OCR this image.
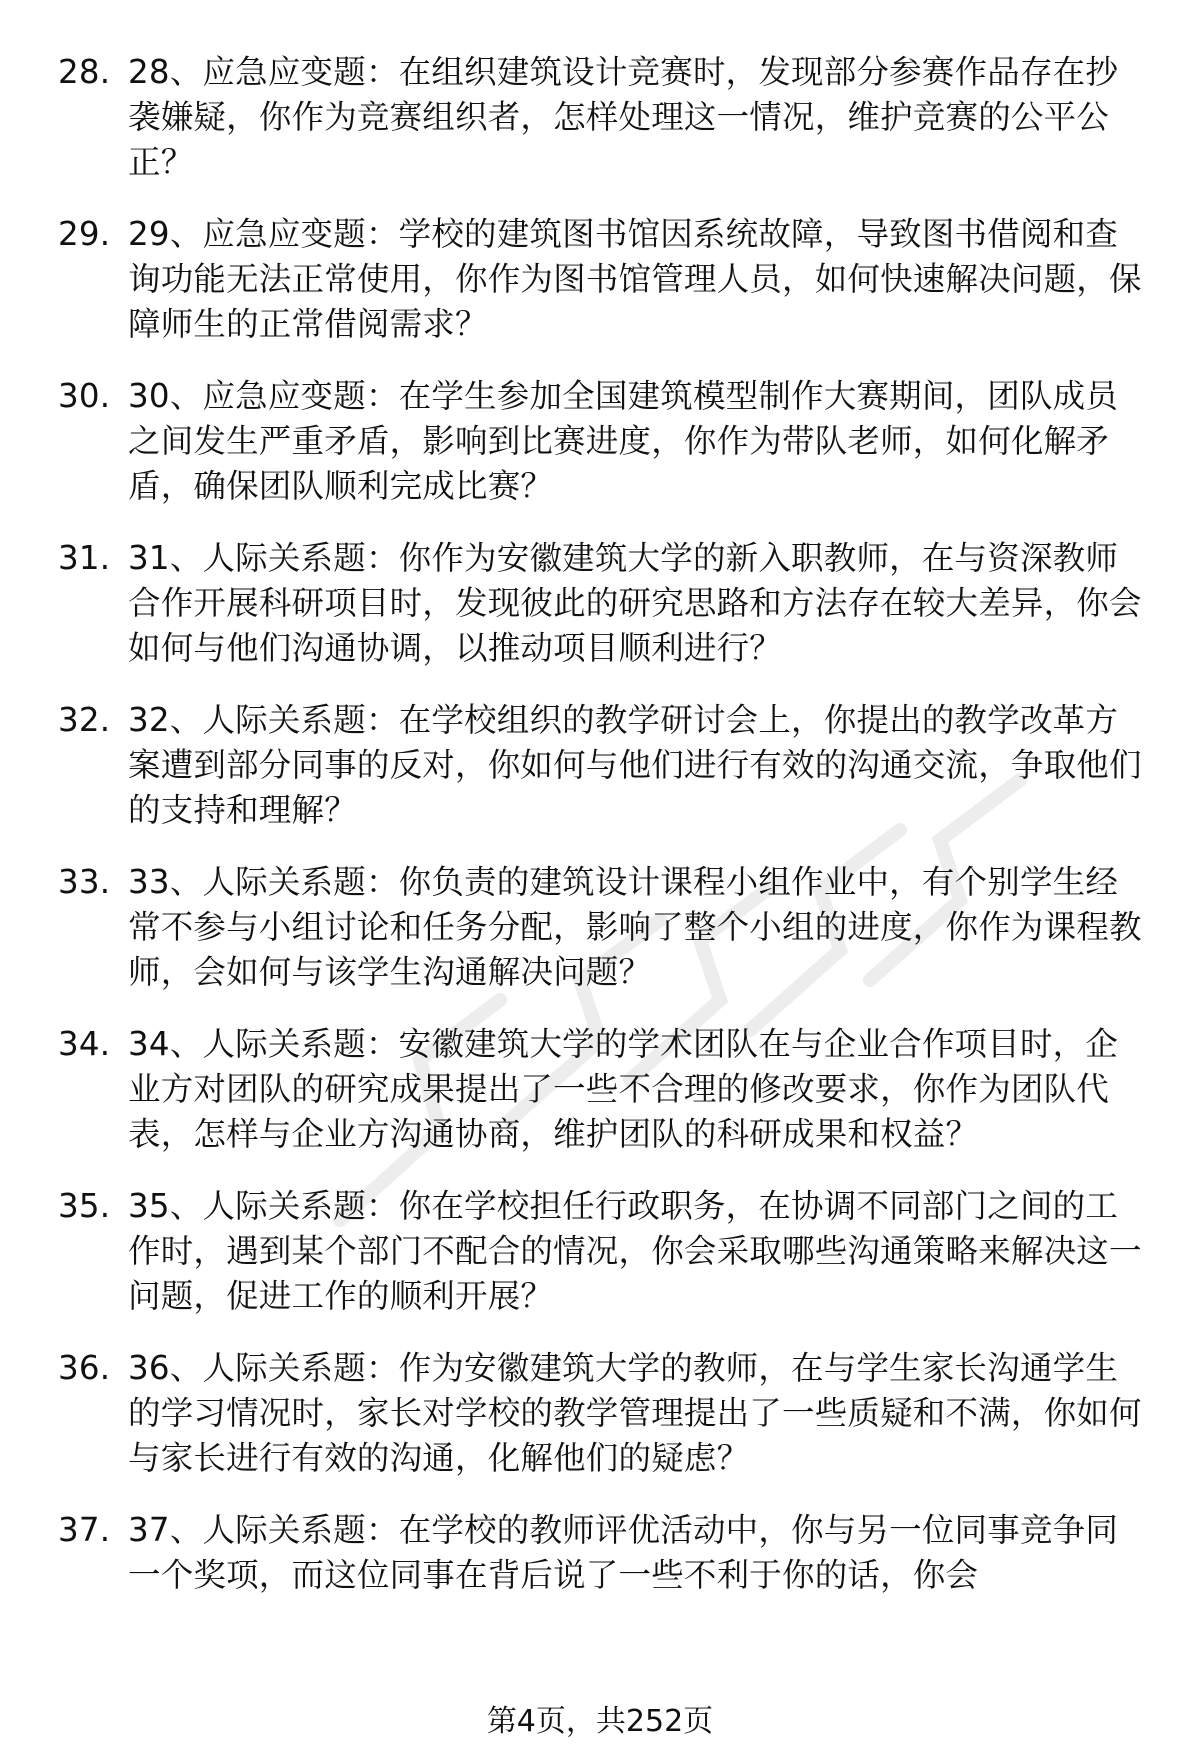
28. 28、应急应变题：在组织建筑设计竞赛时，发现部分参赛作品存在抄袭嫌疑，你作为竞赛组织者，怎样处理这一情况，维护竞赛的公平公正？
29. 29、应急应变题：学校的建筑图书馆因系统故障，导致图书借阅和查询功能无法正常使用，你作为图书馆管理人员，如何快速解决问题，保障师生的正常借阅需求？
30. 30、应急应变题：在学生参加全国建筑模型制作大赛期间，团队成员之间发生严重矛盾，影响到比赛进度，你作为带队老师，如何化解矛盾，确保团队顺利完成比赛？
31. 31、人际关系题：你作为安徽建筑大学的新入职教师，在与资深教师合作开展科研项目时，发现彼此的研究思路和方法存在较大差异，你会如何与他们沟通协调，以推动项目顺利进行？
32. 32、人际关系题：在学校组织的教学研讨会上，你提出的教学改革方案遭到部分同事的反对，你如何与他们进行有效的沟通交流，争取他们的支持和理解？
33. 33、人际关系题：你负责的建筑设计课程小组作业中，有个别学生经常不参与小组讨论和任务分配，影响了整个小组的进度，你作为课程教师，会如何与该学生沟通解决问题？
34. 34、人际关系题：安徽建筑大学的学术团队在与企业合作项目时，企业方对团队的研究成果提出了一些不合理的修改要求，你作为团队代表，怎样与企业方沟通协商，维护团队的科研成果和权益？
35. 35、人际关系题：你在学校担任行政职务，在协调不同部门之间的工作时，遇到某个部门不配合的情况，你会采取哪些沟通策略来解决这一问题，促进工作的顺利开展？
36. 36、人际关系题：作为安徽建筑大学的教师，在与学生家长沟通学生的学习情况时，家长对学校的教学管理提出了一些质疑和不满，你如何与家长进行有效的沟通，化解他们的疑虑？
37. 37、人际关系题：在学校的教师评优活动中，你与另一位同事竞争同一个奖项，而这位同事在背后说了一些不利于你的话，你会
第4页，共252页
